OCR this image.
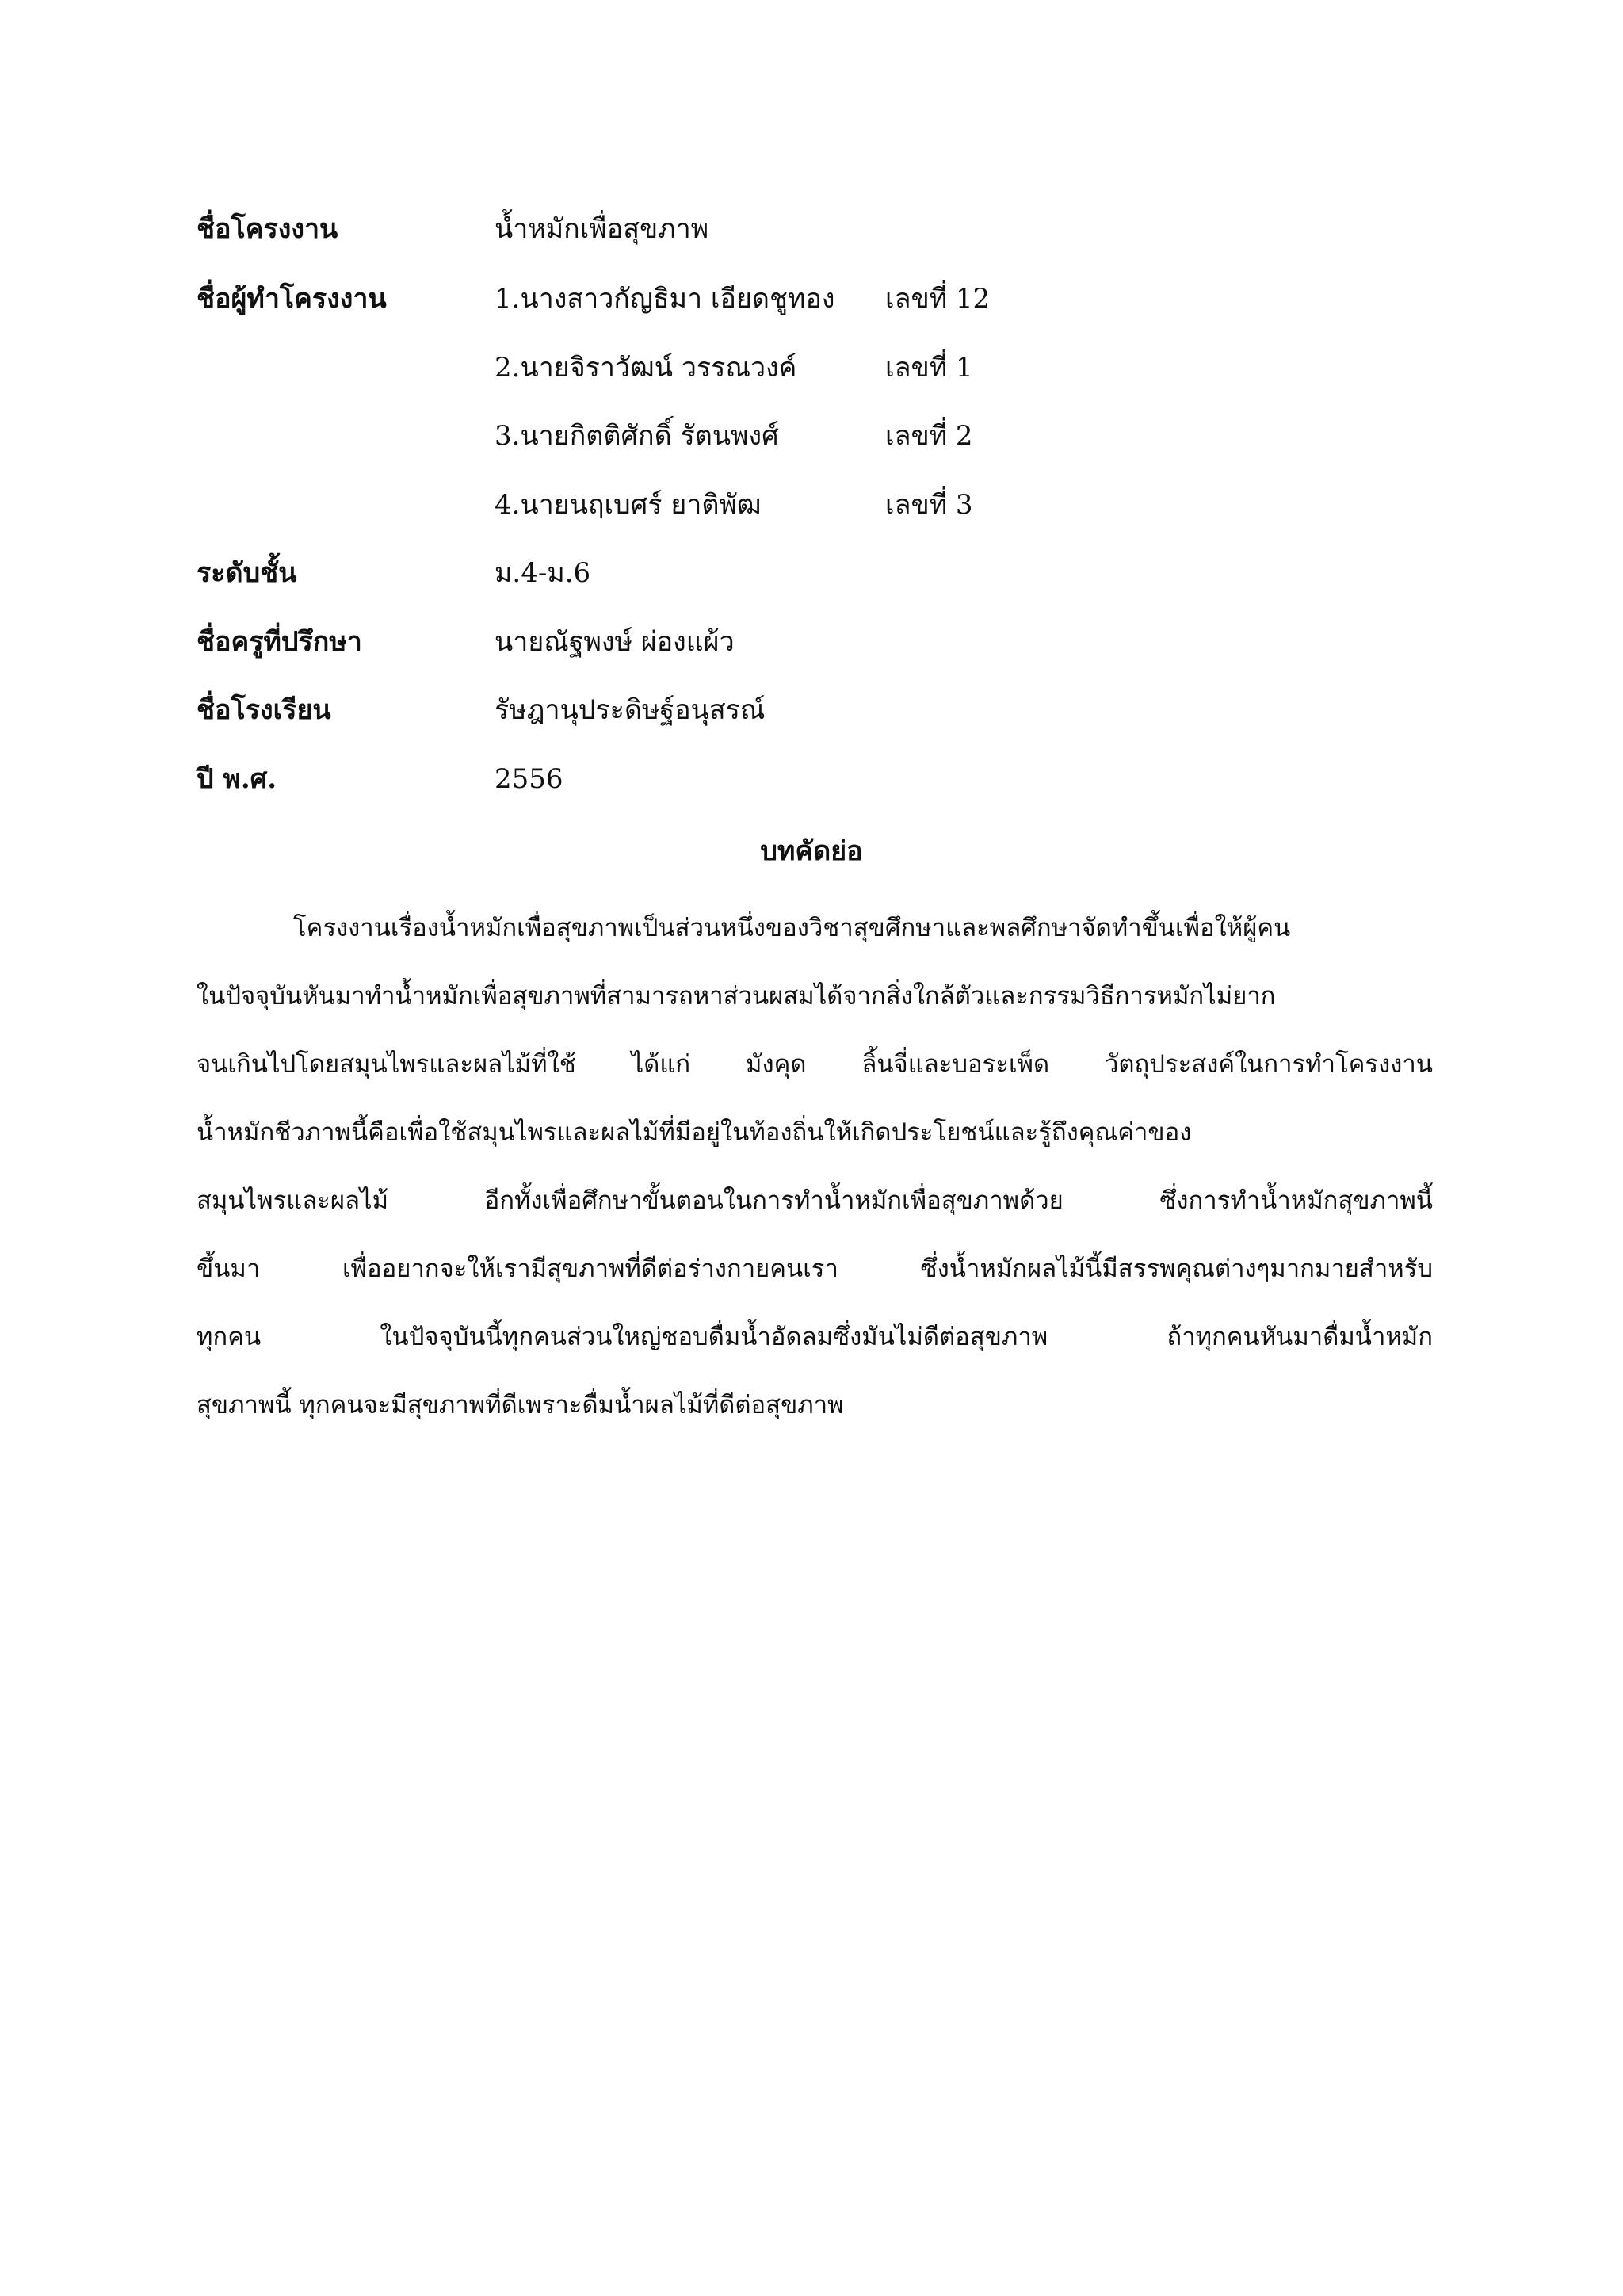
ชื่อโครงงาน	น้ำหมักเพื่อสุขภาพ
ชื่อผู้ทำโครงงาน	1.นางสาวกัญธิมา เอียดชูทอง	เลขที่ 12
2.นายจิราวัฒน์ วรรณวงค์	เลขที่ 1
3.นายกิตติศักดิ์ รัตนพงศ์	เลขที่ 2
4.นายนฤเบศร์ ยาติพัฒ	เลขที่ 3
ระดับชั้น	ม.4-ม.6
ชื่อครูที่ปรึกษา	นายณัฐพงษ์ ผ่องแผ้ว
ชื่อโรงเรียน	รัษฎานุประดิษฐ์อนุสรณ์
ปี พ.ศ.	2556
บทคัดย่อ
โครงงานเรื่องน้ำหมักเพื่อสุขภาพเป็นส่วนหนึ่งของวิชาสุขศึกษาและพลศึกษาจัดทำขึ้นเพื่อให้ผู้คน
ในปัจจุบันหันมาทำน้ำหมักเพื่อสุขภาพที่สามารถหาส่วนผสมได้จากสิ่งใกล้ตัวและกรรมวิธีการหมักไม่ยาก
จนเกินไปโดยสมุนไพรและผลไม้ที่ใช้ ได้แก่ มังคุด ลิ้นจี่และบอระเพ็ด วัตถุประสงค์ในการทำโครงงาน
น้ำหมักชีวภาพนี้คือเพื่อใช้สมุนไพรและผลไม้ที่มีอยู่ในท้องถิ่นให้เกิดประโยชน์และรู้ถึงคุณค่าของ
สมุนไพรและผลไม้ อีกทั้งเพื่อศึกษาขั้นตอนในการทำน้ำหมักเพื่อสุขภาพด้วย ซึ่งการทำน้ำหมักสุขภาพนี้
ขึ้นมา เพื่ออยากจะให้เรามีสุขภาพที่ดีต่อร่างกายคนเรา ซึ่งน้ำหมักผลไม้นี้มีสรรพคุณต่างๆมากมายสำหรับ
ทุกคน ในปัจจุบันนี้ทุกคนส่วนใหญ่ชอบดื่มน้ำอัดลมซึ่งมันไม่ดีต่อสุขภาพ ถ้าทุกคนหันมาดื่มน้ำหมัก
สุขภาพนี้ ทุกคนจะมีสุขภาพที่ดีเพราะดื่มน้ำผลไม้ที่ดีต่อสุขภาพ
